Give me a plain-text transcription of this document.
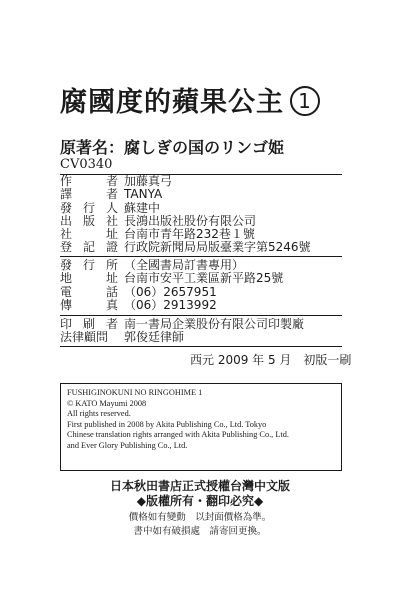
腐國度的蘋果公主 1
原著名：腐しぎの国のリンゴ姫
CV0340
作	者 加藤真弓
譯	者 TANYA
發 行 人 蘇建中
出 版 社 長鴻出版社股份有限公司
社	址 台南市青年路232巷１號
登 記 證 行政院新聞局局版臺業字第5246號
發 行 所 （全國書局訂書專用）
地	址 台南市安平工業區新平路25號
電	話 （06）2657951
傳	真 （06）2913992
印 刷 者 南一書局企業股份有限公司印製廠
法律顧問	郭俊廷律師
西元 2009 年 5 月　初版一刷
FUSHIGINOKUNI NO RINGOHIME 1
© KATO Mayumi 2008
All rights reserved.
First published in 2008 by Akita Publishing Co., Ltd. Tokyo
Chinese translation rights arranged with Akita Publishing Co., Ltd.
and Ever Glory Publishing Co., Ltd.
日本秋田書店正式授權台灣中文版
◆版權所有・翻印必究◆
價格如有變動　以封面價格為準。
書中如有破損處　請寄回更換。
